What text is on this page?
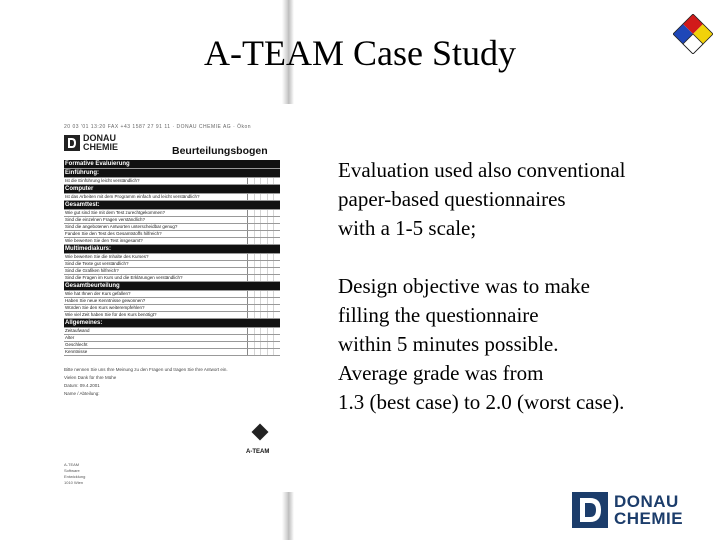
A-TEAM Case Study
20 03 '01 13:20 FAX +43 1587 27 91 11 · DONAU CHEMIE AG · Ökon
DONAU
CHEMIE	Beurteilungsbogen
Formative Evaluierung
Einführung:
Ist die Einführung leicht verständlich?
Computer
Ist das Arbeiten mit dem Programm einfach und leicht verständlich?
Gesamttest:
Wie gut sind Sie mit dem Test zurechtgekommen?
Sind die einzelnen Fragen verständlich?
Sind die angebotenen Antworten unterscheidbar genug?
Fanden Sie den Test des Gesamtstoffs hilfreich?
Wie bewerten Sie den Test insgesamt?
Multimediakurs:
Wie bewerten Sie die Inhalte des Kurses?
Sind die Texte gut verständlich?
Sind die Grafiken hilfreich?
Sind die Fragen im Kurs und die Erklärungen verständlich?
Gesamtbeurteilung
Wie hat Ihnen der Kurs gefallen?
Haben Sie neue Kenntnisse gewonnen?
Würden Sie den Kurs weiterempfehlen?
Wie viel Zeit haben Sie für den Kurs benötigt?
Allgemeines:
Zeitaufwand
Alter
Geschlecht
Kenntnisse
Bitte nennen Sie uns Ihre Meinung zu den Fragen und tragen Sie Ihre Antwort ein.
Vielen Dank für Ihre Mühe
Datum: 09.4.2001
Name / Abteilung:
A-TEAM
A-TEAM
Software
Entwicklung
1010 Wien

Evaluation used also conventional
paper-based questionnaires
with a 1-5 scale;

Design objective was to make
filling the questionnaire
within 5 minutes possible.
Average grade was from
1.3 (best case) to 2.0 (worst case).

DONAU
CHEMIE
